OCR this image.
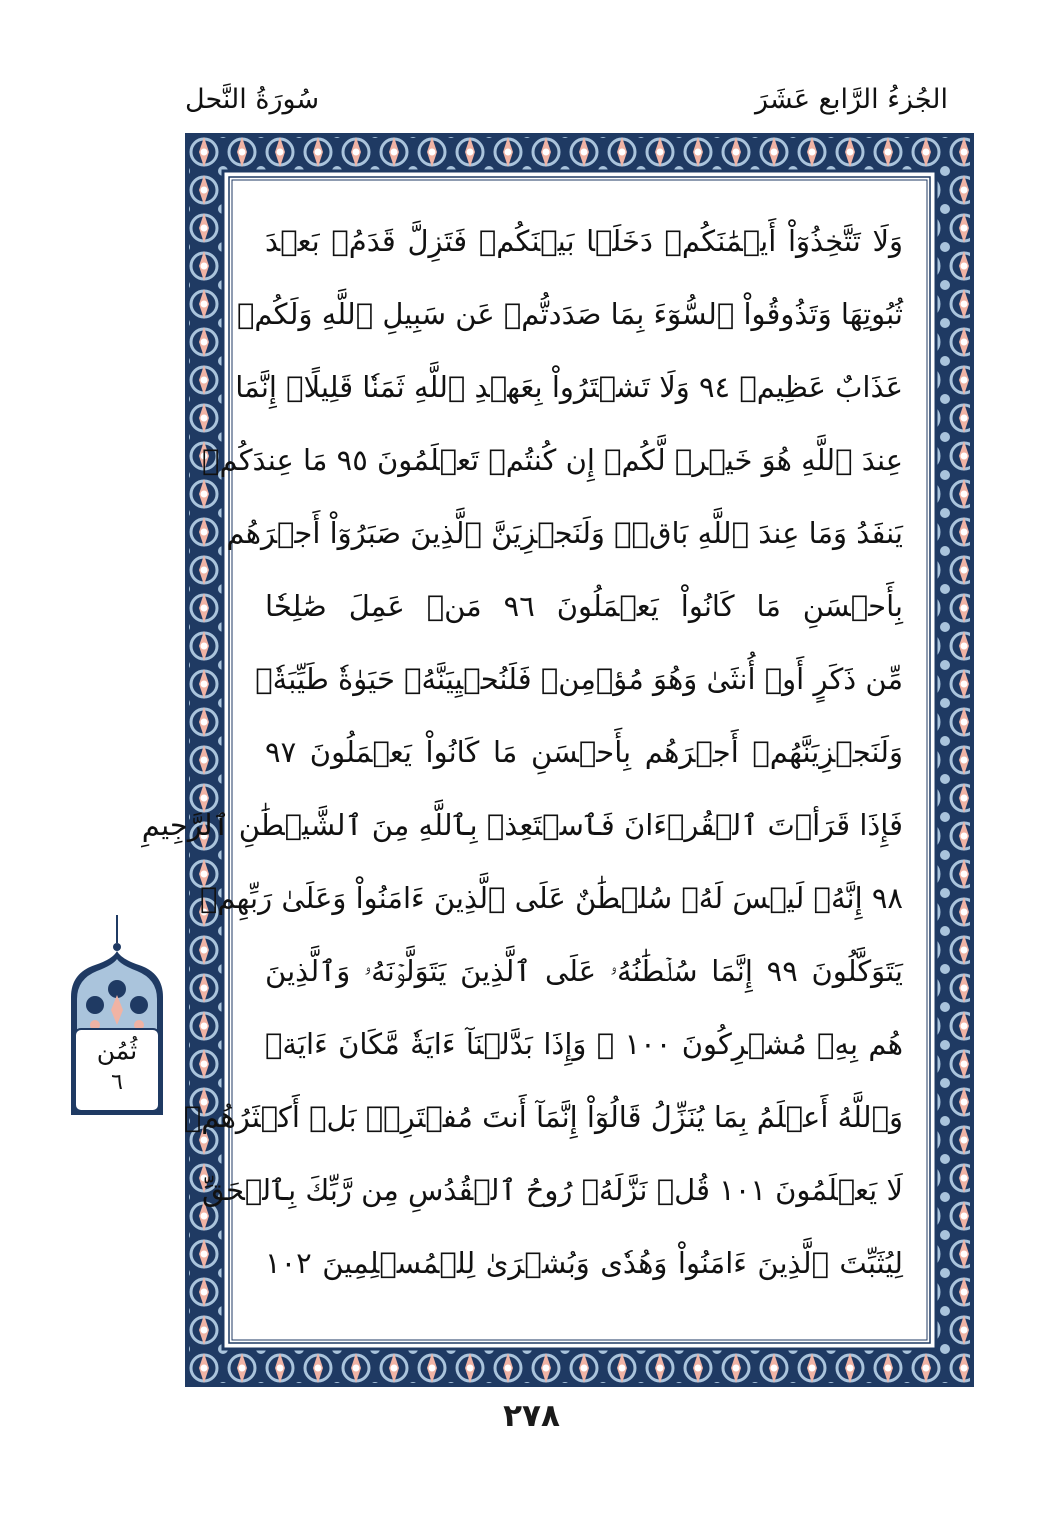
الجُزءُ الرَّابع عَشَرَ
سُورَةُ النَّحل
وَلَا تَتَّخِذُوٓاْ أَيۡمَٰنَكُمۡ دَخَلَۢا بَيۡنَكُمۡ فَتَزِلَّ قَدَمُۢ بَعۡدَ
ثُبُوتِهَا وَتَذُوقُواْ ٱلسُّوٓءَ بِمَا صَدَدتُّمۡ عَن سَبِيلِ ٱللَّهِ وَلَكُمۡ
عَذَابٌ عَظِيمٞ ٩٤ وَلَا تَشۡتَرُواْ بِعَهۡدِ ٱللَّهِ ثَمَنٗا قَلِيلًاۚ إِنَّمَا
عِندَ ٱللَّهِ هُوَ خَيۡرٞ لَّكُمۡ إِن كُنتُمۡ تَعۡلَمُونَ ٩٥ مَا عِندَكُمۡ
يَنفَدُ وَمَا عِندَ ٱللَّهِ بَاقٖۗ وَلَنَجۡزِيَنَّ ٱلَّذِينَ صَبَرُوٓاْ أَجۡرَهُم
بِأَحۡسَنِ مَا كَانُواْ يَعۡمَلُونَ ٩٦ مَنۡ عَمِلَ صَٰلِحٗا
مِّن ذَكَرٍ أَوۡ أُنثَىٰ وَهُوَ مُؤۡمِنٞ فَلَنُحۡيِيَنَّهُۥ حَيَوٰةٗ طَيِّبَةٗۖ
وَلَنَجۡزِيَنَّهُمۡ أَجۡرَهُم بِأَحۡسَنِ مَا كَانُواْ يَعۡمَلُونَ ٩٧
فَإِذَا قَرَأۡتَ ٱلۡقُرۡءَانَ فَٱسۡتَعِذۡ بِٱللَّهِ مِنَ ٱلشَّيۡطَٰنِ ٱلرَّجِيمِ
٩٨ إِنَّهُۥ لَيۡسَ لَهُۥ سُلۡطَٰنٌ عَلَى ٱلَّذِينَ ءَامَنُواْ وَعَلَىٰ رَبِّهِمۡ
يَتَوَكَّلُونَ ٩٩ إِنَّمَا سُلۡطَٰنُهُۥ عَلَى ٱلَّذِينَ يَتَوَلَّوۡنَهُۥ وَٱلَّذِينَ
هُم بِهِۦ مُشۡرِكُونَ ١٠٠ ۞ وَإِذَا بَدَّلۡنَآ ءَايَةٗ مَّكَانَ ءَايَةٖ
وَٱللَّهُ أَعۡلَمُ بِمَا يُنَزِّلُ قَالُوٓاْ إِنَّمَآ أَنتَ مُفۡتَرِۭۚ بَلۡ أَكۡثَرُهُمۡ
لَا يَعۡلَمُونَ ١٠١ قُلۡ نَزَّلَهُۥ رُوحُ ٱلۡقُدُسِ مِن رَّبِّكَ بِٱلۡحَقِّ
لِيُثَبِّتَ ٱلَّذِينَ ءَامَنُواْ وَهُدٗى وَبُشۡرَىٰ لِلۡمُسۡلِمِينَ ١٠٢
ثُمُن
٦
٢٧٨
